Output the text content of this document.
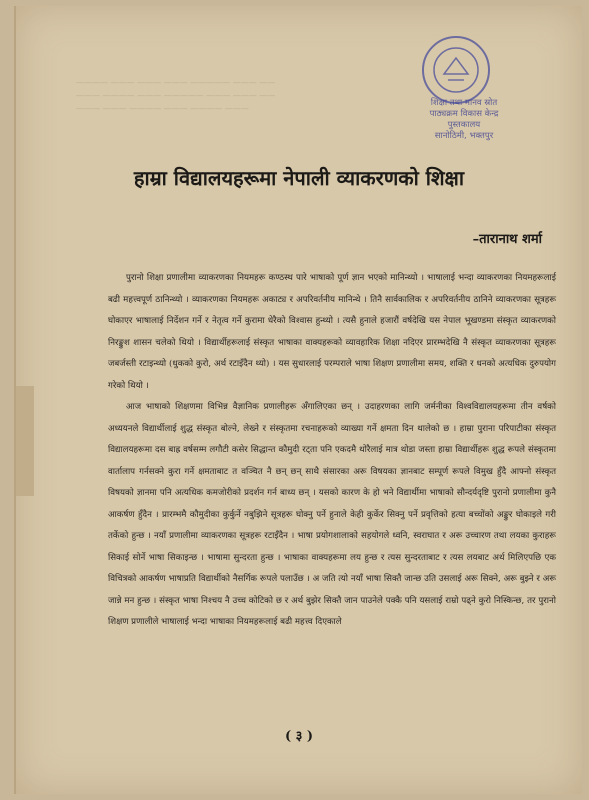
———— ——— ——— ——— ————— ——— ——
——— ———— ——— ————— ——— ——— ——
——— ——— ———— ——— ———— ———
शिक्षा तथा मानव स्रोत
पाठ्यक्रम विकास केन्द्र
पुस्तकालय
सानोठिमी, भक्तपुर
हाम्रा विद्यालयहरूमा नेपाली व्याकरणको शिक्षा
–तारानाथ शर्मा

पुरानो शिक्षा प्रणालीमा व्याकरणका नियमहरू कण्ठस्थ पारे भाषाको पूर्ण ज्ञान भएको मानिन्थ्यो । भाषालाई भन्दा व्याकरणका नियमहरूलाई बढी महत्त्वपूर्ण ठानिन्थ्यो । व्याकरणका नियमहरू अकाट्य र अपरिवर्तनीय मानिन्थे । तिनै सार्वकालिक र अपरिवर्तनीय ठानिने व्याकरणका सूत्रहरू घोकाएर भाषालाई निर्देशन गर्ने र नेतृत्व गर्ने कुरामा धेरैको विश्वास हुन्थ्यो । त्यसै हुनाले हजारौं वर्षदेखि यस नेपाल भूखण्डमा संस्कृत व्याकरणको निरङ्कुश शासन चलेको थियो । विद्यार्थीहरूलाई संस्कृत भाषाका वाक्यहरूको व्यावहारिक शिक्षा नदिएर प्रारम्भदेखि नै संस्कृत व्याकरणका सूत्रहरू जबर्जस्ती रटाइन्थ्यो (धुकको कुरो, अर्थ रटाइँदैन थ्यो) । यस सुधारलाई परम्पराले भाषा शिक्षण प्रणालीमा समय, शक्ति र धनको अत्यधिक दुरुपयोग गरेको थियो ।

आज भाषाको शिक्षणमा विभिन्न वैज्ञानिक प्रणालीहरू अँगालिएका छन् । उदाहरणका लागि जर्मनीका विश्वविद्यालयहरूमा तीन वर्षको अध्ययनले विद्यार्थीलाई शुद्ध संस्कृत बोल्ने, लेख्ने र संस्कृतमा रचनाहरूको व्याख्या गर्ने क्षमता दिन थालेको छ । हाम्रा पुराना परिपाटीका संस्कृत विद्यालयहरूमा दस बाह्र वर्षसम्म लगौटी कसेर सिद्धान्त कौमुदी रट्ता पनि एकदमै थोरैलाई मात्र थोडा जस्ता हाम्रा विद्यार्थीहरू शुद्ध रूपले संस्कृतमा वार्तालाप गर्नसक्ने कुरा गर्ने क्षमताबाट त वञ्चित नै छन् छन् साथै संसारका अरू विषयका ज्ञानबाट सम्पूर्ण रूपले विमुख हुँदै आफ्नो संस्कृत विषयको ज्ञानमा पनि अत्यधिक कमजोरीको प्रदर्शन गर्न बाध्य छन् । यसको कारण के हो भने विद्यार्थीमा भाषाको सौन्दर्यदृष्टि पुरानो प्रणालीमा कुनै आकर्षण हुँदैन । प्रारम्भमै कौमुदीका कुर्कुर्ने नबुझिने सूत्रहरू घोक्नु पर्ने हुनाले केही कुर्केर सिक्नु पर्ने प्रवृत्तिको हत्या बच्चोंको अङ्कुर घोकाइले गरी तर्केको हुन्छ । नयाँ प्रणालीमा व्याकरणका सूत्रहरू रटाइँदैन । भाषा प्रयोगशालाको सहयोगले ध्वनि, स्वराघात र अरू उच्चारण तथा लयका कुराहरू सिकाई सोर्ने भाषा सिकाइन्छ । भाषामा सुन्दरता हुन्छ । भाषाका वाक्यहरूमा लय हुन्छ र त्यस सुन्दरताबाट र त्यस लयबाट अर्थ मिलिएपछि एक विचित्रको आकर्षण भाषाप्रति विद्यार्थीको नैसर्गिक रूपले पलाउँछ । अ जति त्यो नयाँ भाषा सिक्तै जान्छ उति उसलाई अरू सिक्ने, अरू बुझ्ने र अरू जान्ने मन हुन्छ । संस्कृत भाषा निश्चय नै उच्च कोटिको छ र अर्थ बुझेर सिक्तै जान पाउनेले पक्कै पनि यसलाई राम्रो पढ्ने कुरो निस्किन्छ, तर पुरानो शिक्षण प्रणालीले भाषालाई भन्दा भाषाका नियमहरूलाई बढी महत्त्व दिएकाले

( ३ )
